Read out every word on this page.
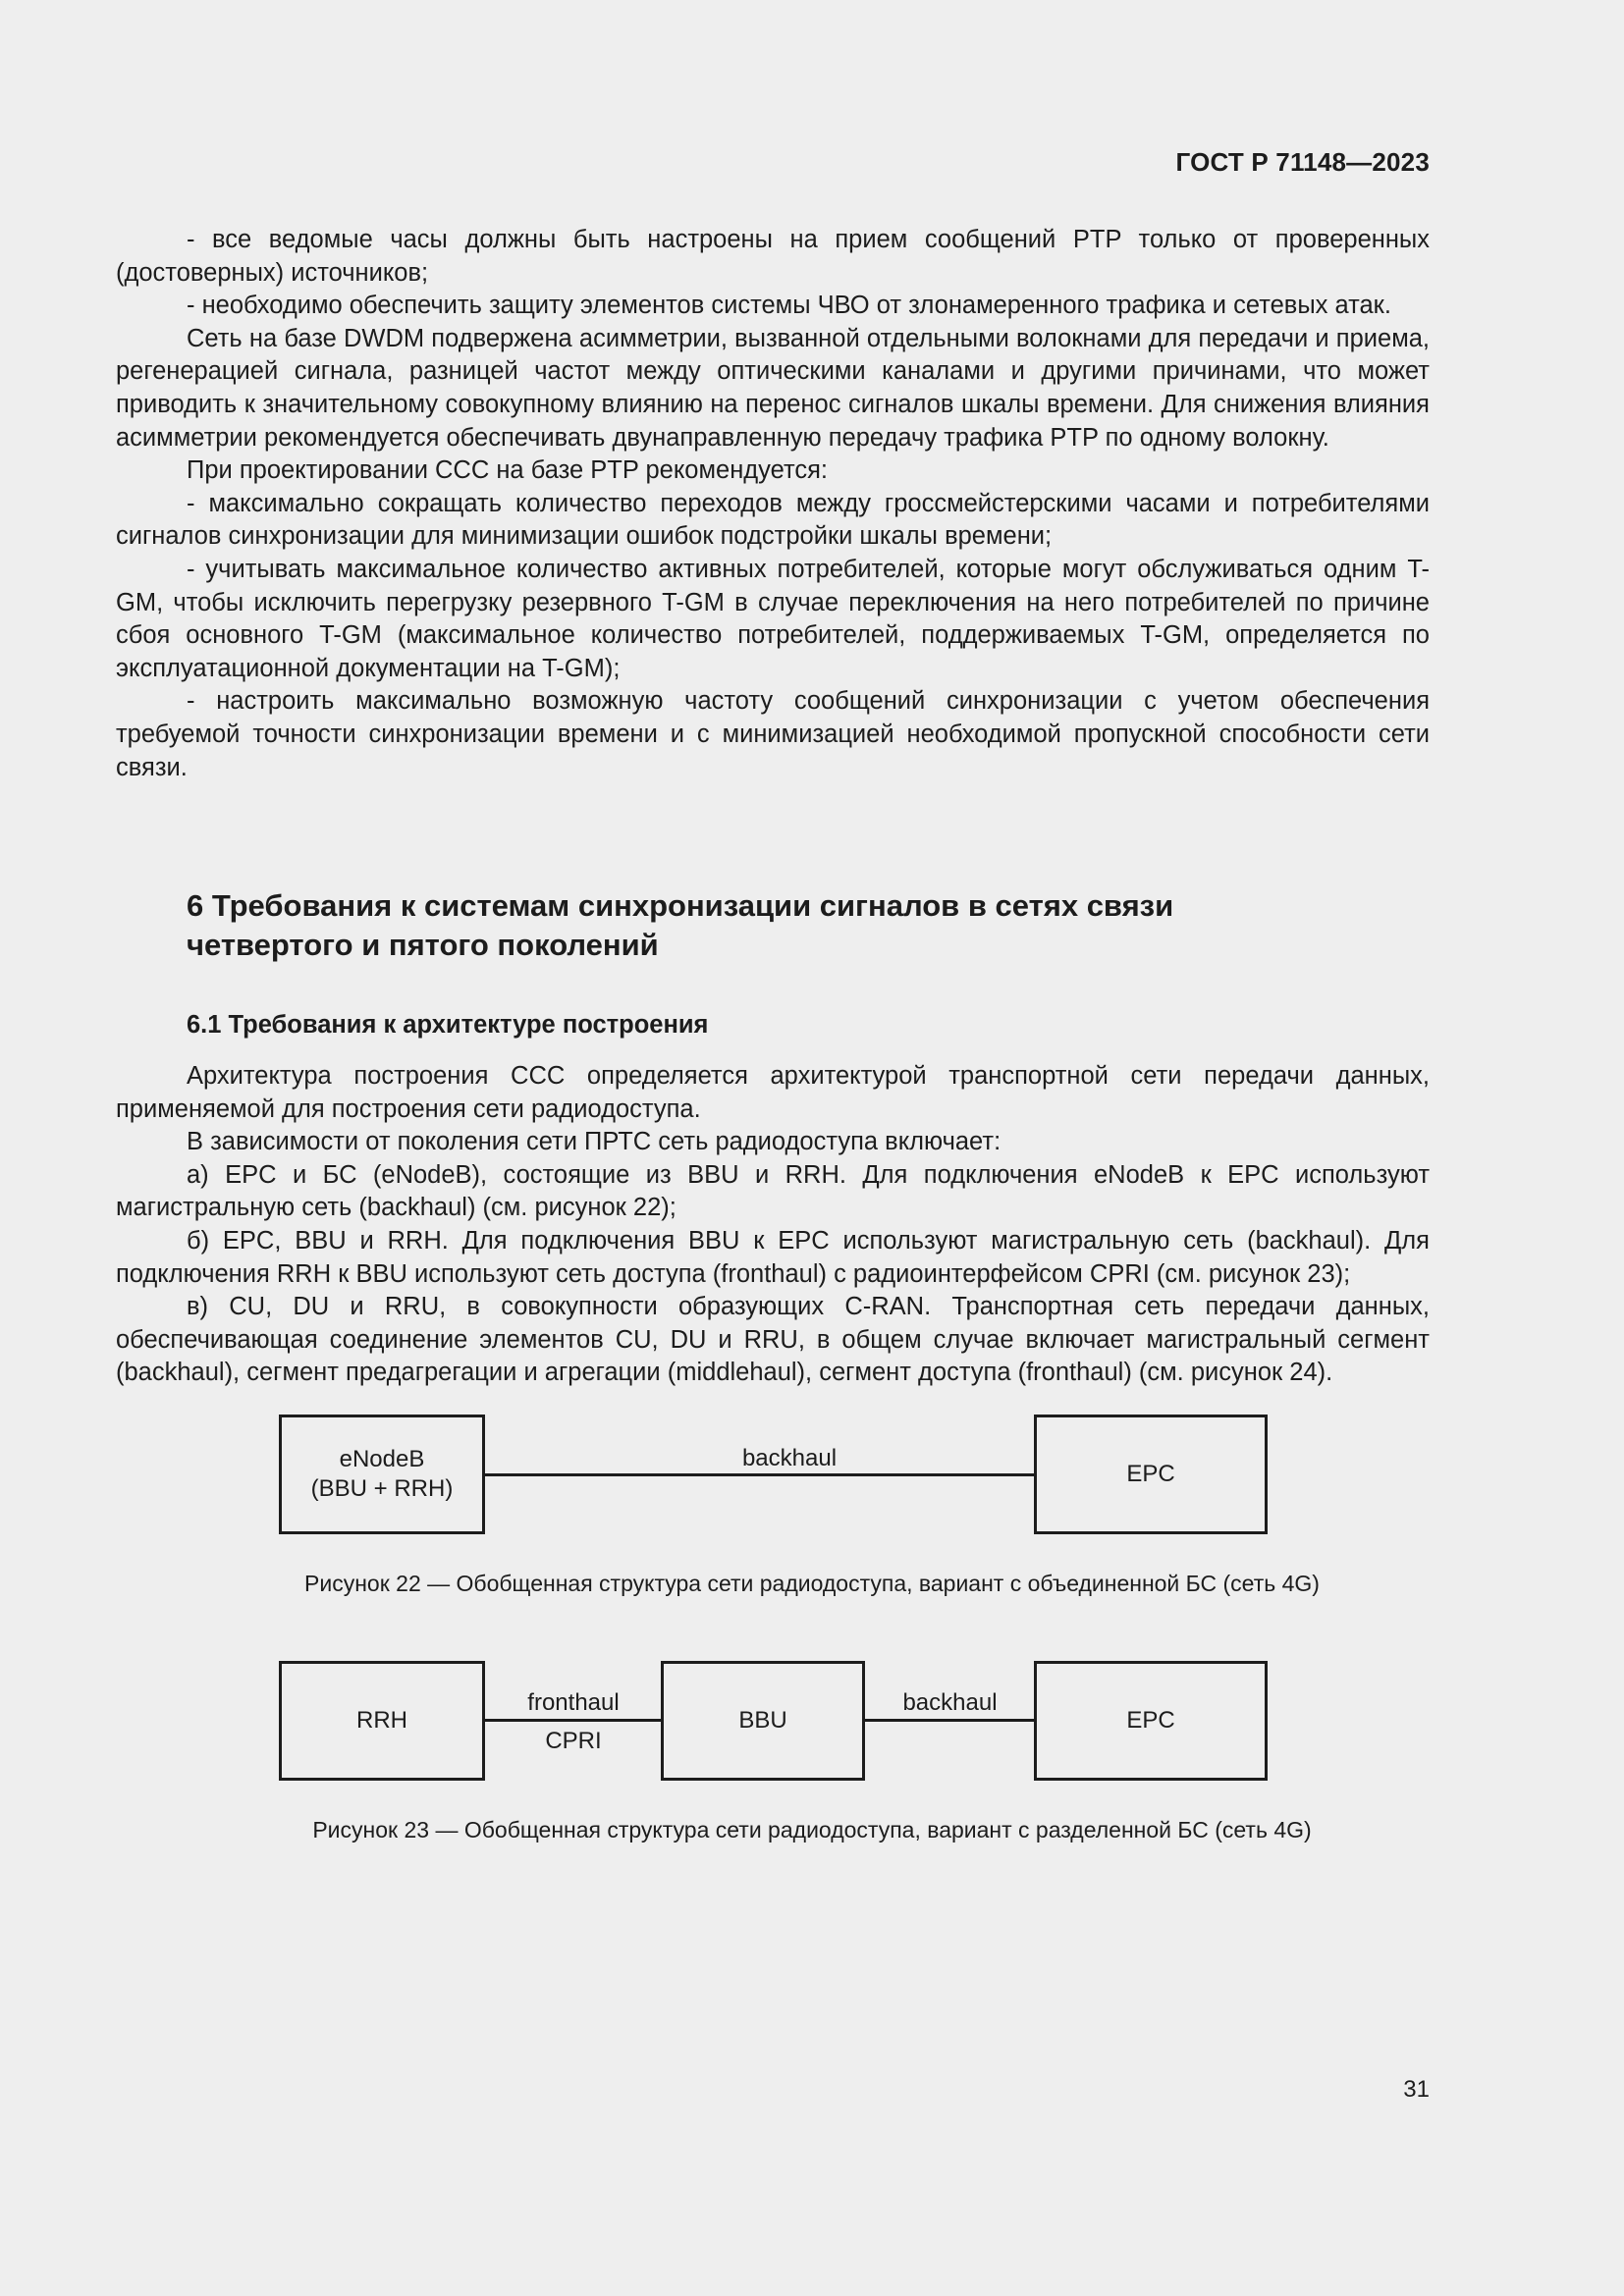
ГОСТ Р 71148—2023

- все ведомые часы должны быть настроены на прием сообщений PTP только от проверенных (достоверных) источников;

- необходимо обеспечить защиту элементов системы ЧВО от злонамеренного трафика и сетевых атак.

Сеть на базе DWDM подвержена асимметрии, вызванной отдельными волокнами для передачи и приема, регенерацией сигнала, разницей частот между оптическими каналами и другими причинами, что может приводить к значительному совокупному влиянию на перенос сигналов шкалы времени. Для снижения влияния асимметрии рекомендуется обеспечивать двунаправленную передачу трафика PTP по одному волокну.

При проектировании ССС на базе PTP рекомендуется:

- максимально сокращать количество переходов между гроссмейстерскими часами и потребителями сигналов синхронизации для минимизации ошибок подстройки шкалы времени;

- учитывать максимальное количество активных потребителей, которые могут обслуживаться одним T-GM, чтобы исключить перегрузку резервного T-GM в случае переключения на него потребителей по причине сбоя основного T-GM (максимальное количество потребителей, поддерживаемых T-GM, определяется по эксплуатационной документации на T-GM);

- настроить максимально возможную частоту сообщений синхронизации с учетом обеспечения требуемой точности синхронизации времени и с минимизацией необходимой пропускной способности сети связи.

6 Требования к системам синхронизации сигналов в сетях связи четвертого и пятого поколений
6.1 Требования к архитектуре построения

Архитектура построения ССС определяется архитектурой транспортной сети передачи данных, применяемой для построения сети радиодоступа.

В зависимости от поколения сети ПРТС сеть радиодоступа включает:

а) EPC и БС (eNodeB), состоящие из BBU и RRH. Для подключения eNodeB к EPC используют магистральную сеть (backhaul) (см. рисунок 22);

б) EPC, BBU и RRH. Для подключения BBU к EPC используют магистральную сеть (backhaul). Для подключения RRH к BBU используют сеть доступа (fronthaul) с радиоинтерфейсом CPRI (см. рисунок 23);

в) CU, DU и RRU, в совокупности образующих C-RAN. Транспортная сеть передачи данных, обеспечивающая соединение элементов CU, DU и RRU, в общем случае включает магистральный сегмент (backhaul), сегмент предагрегации и агрегации (middlehaul), сегмент доступа (fronthaul) (см. рисунок 24).

eNodeB
(BBU + RRH)
backhaul
EPC
Рисунок 22 — Обобщенная структура сети радиодоступа, вариант с объединенной БС (сеть 4G)
RRH
fronthaul
CPRI
BBU
backhaul
EPC
Рисунок 23 — Обобщенная структура сети радиодоступа, вариант с разделенной БС (сеть 4G)
31
